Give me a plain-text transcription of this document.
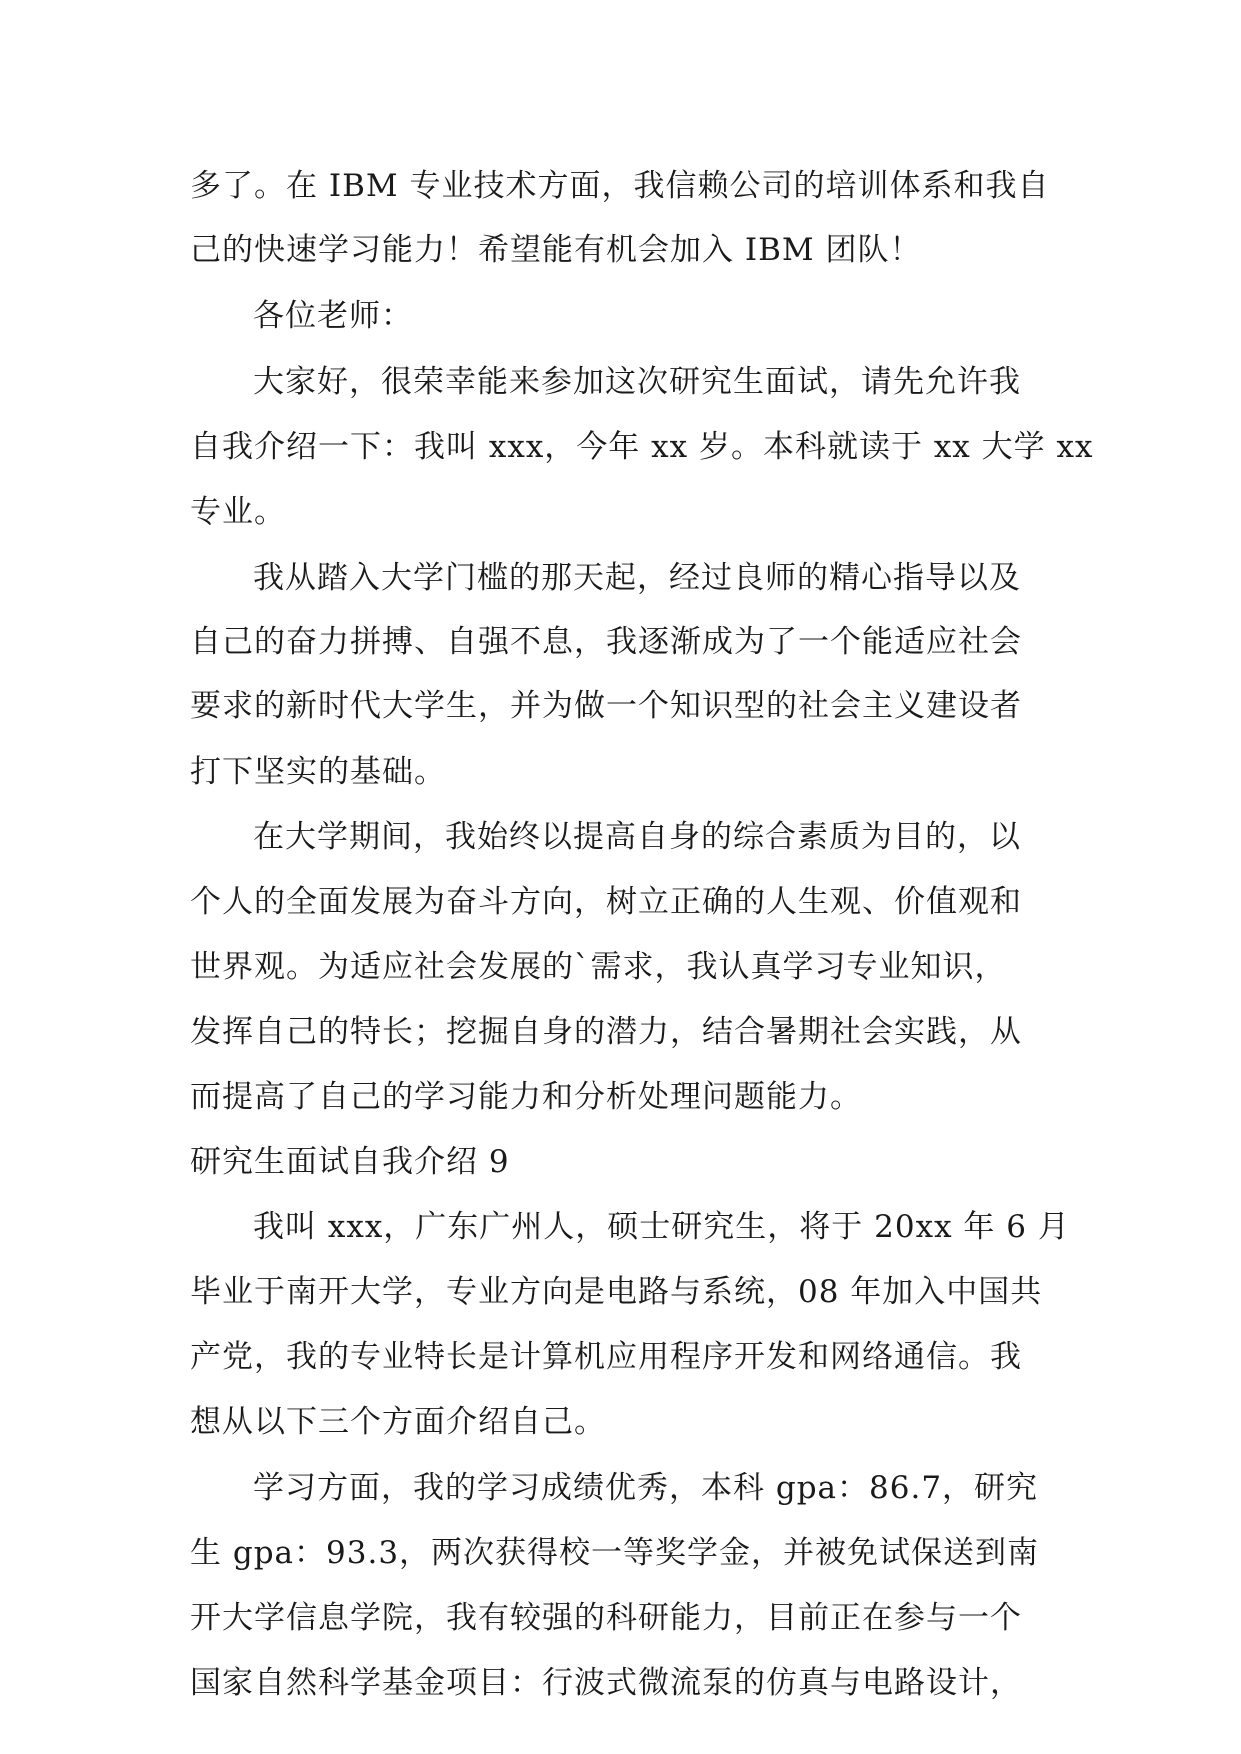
多了。在 IBM 专业技术方面，我信赖公司的培训体系和我自
己的快速学习能力！希望能有机会加入 IBM 团队！
各位老师：
大家好，很荣幸能来参加这次研究生面试，请先允许我
自我介绍一下：我叫 xxx，今年 xx 岁。本科就读于 xx 大学 xx
专业。
我从踏入大学门槛的那天起，经过良师的精心指导以及
自己的奋力拼搏、自强不息，我逐渐成为了一个能适应社会
要求的新时代大学生，并为做一个知识型的社会主义建设者
打下坚实的基础。
在大学期间，我始终以提高自身的综合素质为目的，以
个人的全面发展为奋斗方向，树立正确的人生观、价值观和
世界观。为适应社会发展的`需求，我认真学习专业知识，
发挥自己的特长；挖掘自身的潜力，结合暑期社会实践，从
而提高了自己的学习能力和分析处理问题能力。
研究生面试自我介绍 9
我叫 xxx，广东广州人，硕士研究生，将于 20xx 年 6 月
毕业于南开大学，专业方向是电路与系统，08 年加入中国共
产党，我的专业特长是计算机应用程序开发和网络通信。我
想从以下三个方面介绍自己。
学习方面，我的学习成绩优秀，本科 gpa：86.7，研究
生 gpa：93.3，两次获得校一等奖学金，并被免试保送到南
开大学信息学院，我有较强的科研能力，目前正在参与一个
国家自然科学基金项目：行波式微流泵的仿真与电路设计，
